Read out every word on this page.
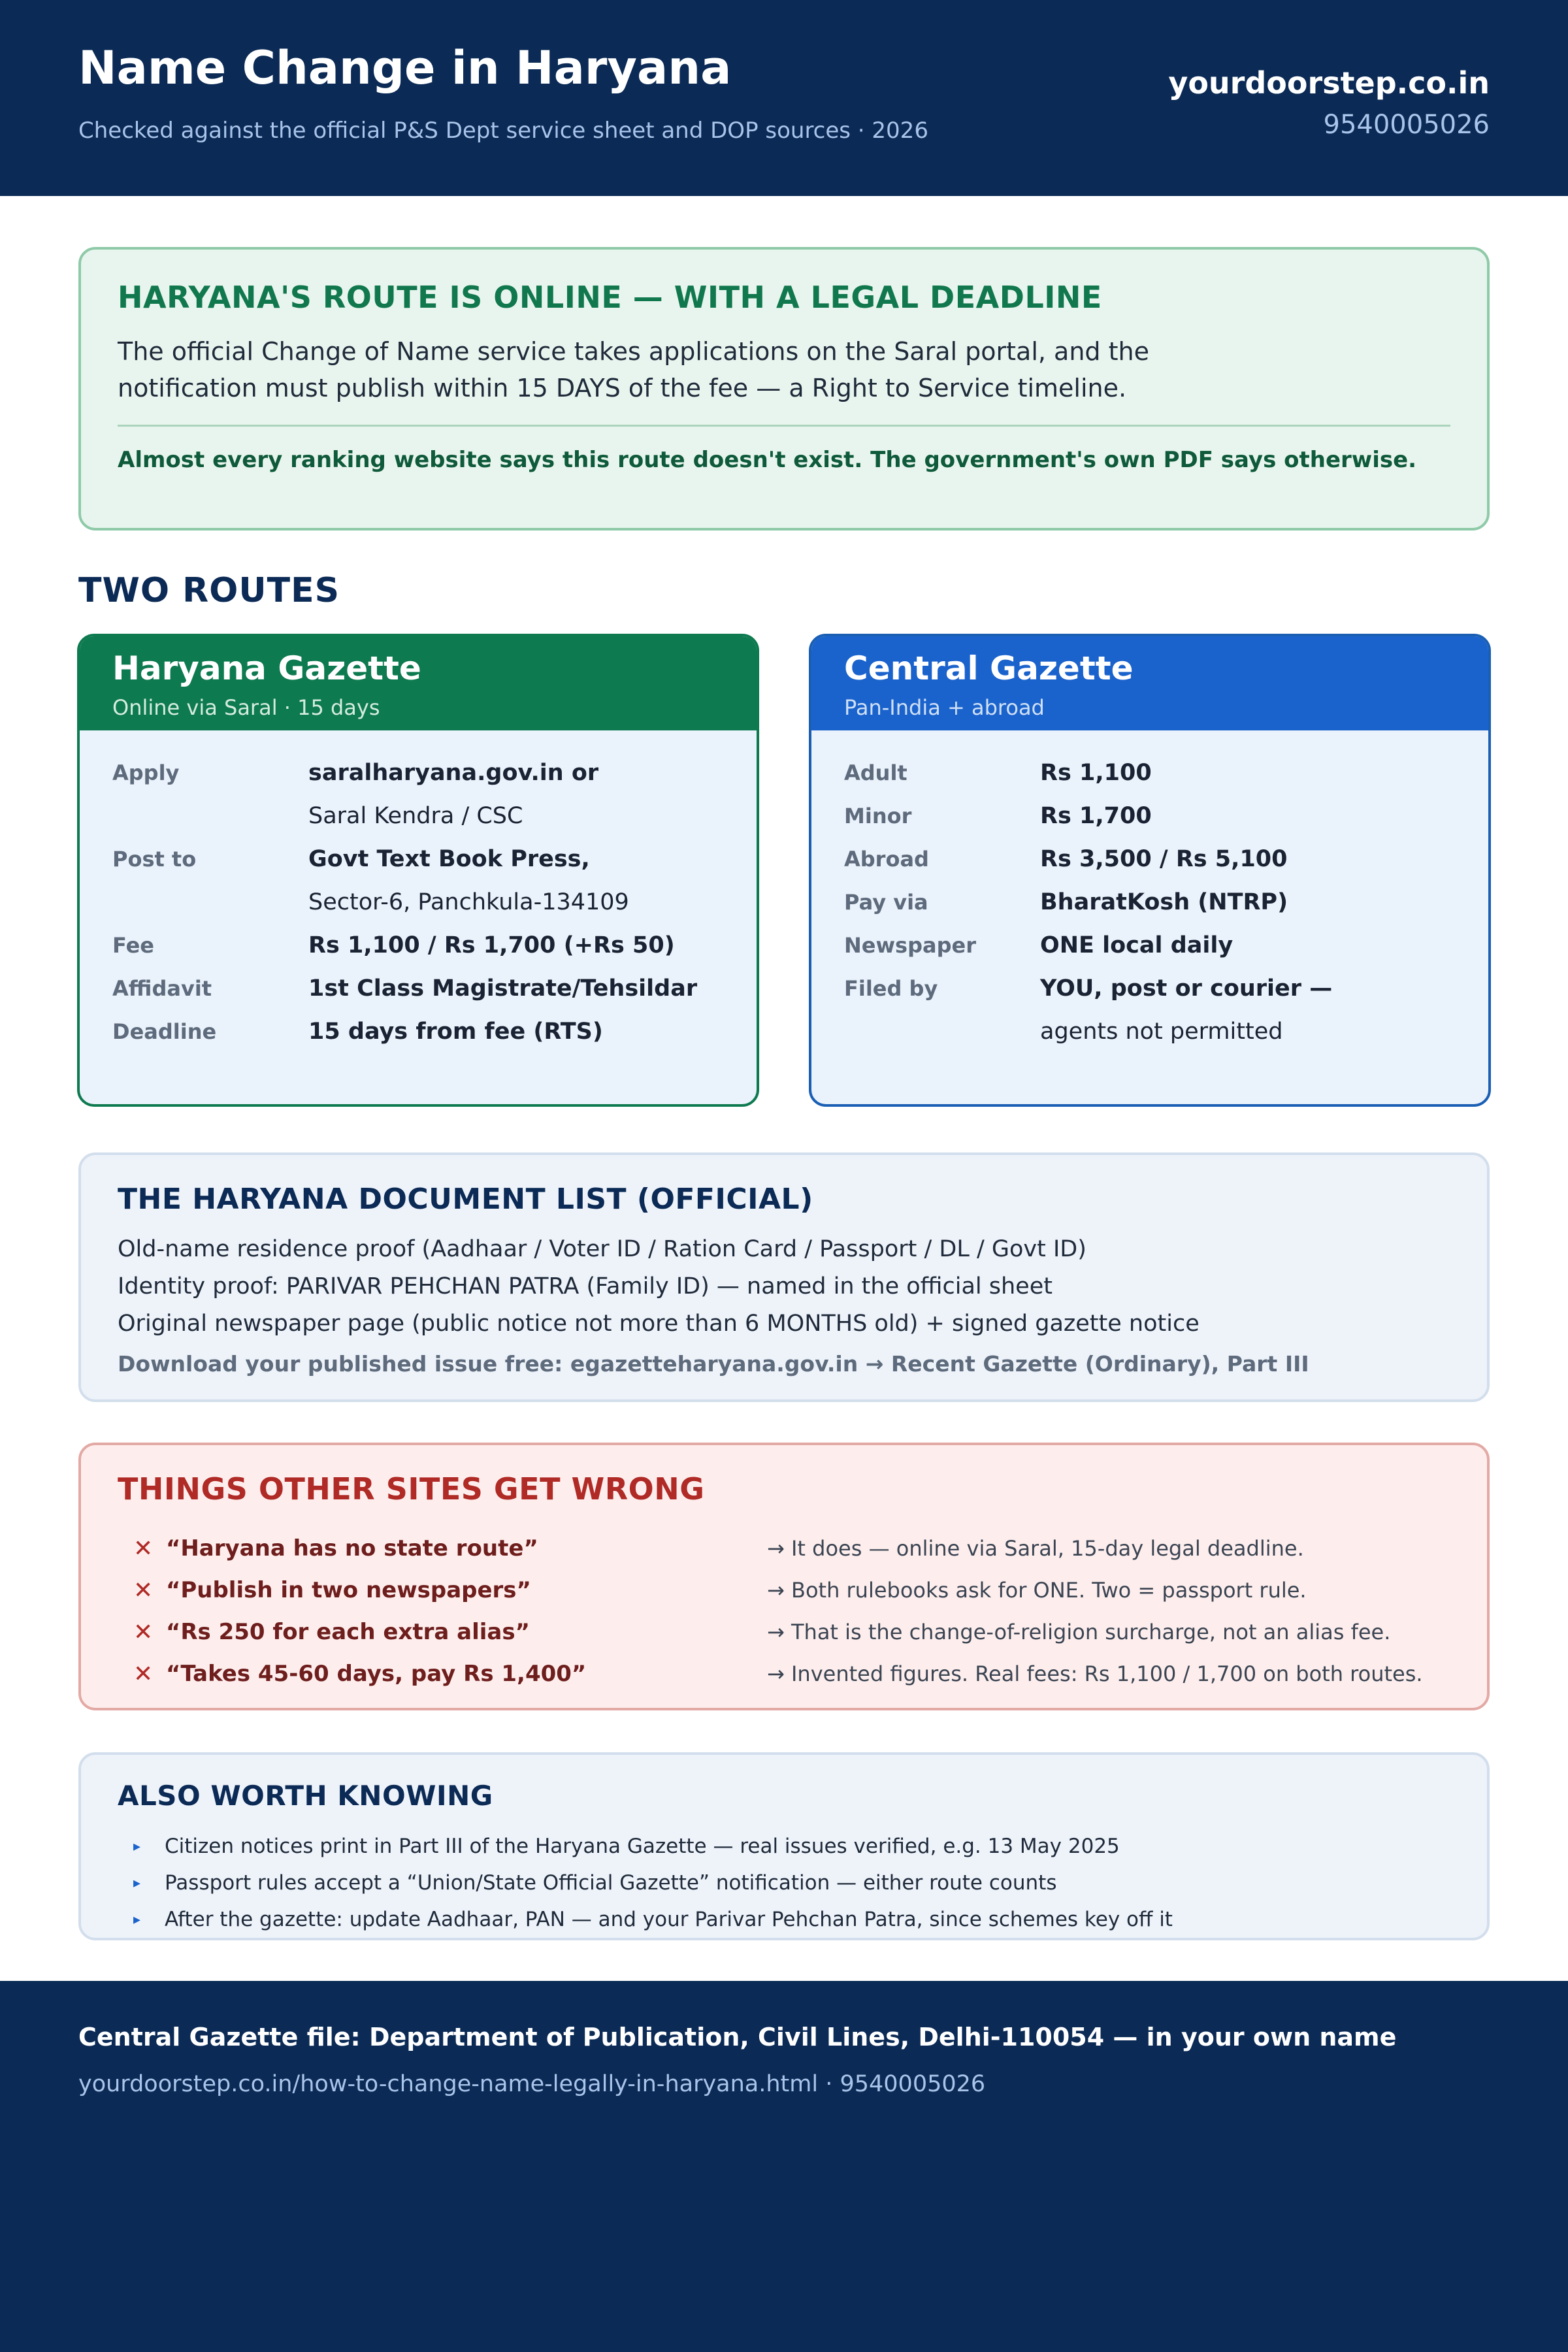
Name Change in Haryana
Checked against the official P&S Dept service sheet and DOP sources · 2026
yourdoorstep.co.in
9540005026
HARYANA'S ROUTE IS ONLINE — WITH A LEGAL DEADLINE
The official Change of Name service takes applications on the Saral portal, and the
notification must publish within 15 DAYS of the fee — a Right to Service timeline.
Almost every ranking website says this route doesn't exist. The government's own PDF says otherwise.
TWO ROUTES
Haryana Gazette
Online via Saral · 15 days
Apply	saralharyana.gov.in or
Saral Kendra / CSC
Post to	Govt Text Book Press,
Sector-6, Panchkula-134109
Fee	Rs 1,100 / Rs 1,700 (+Rs 50)
Affidavit	1st Class Magistrate/Tehsildar
Deadline	15 days from fee (RTS)
Central Gazette
Pan-India + abroad
Adult	Rs 1,100
Minor	Rs 1,700
Abroad	Rs 3,500 / Rs 5,100
Pay via	BharatKosh (NTRP)
Newspaper	ONE local daily
Filed by	YOU, post or courier —
agents not permitted
THE HARYANA DOCUMENT LIST (OFFICIAL)
Old-name residence proof (Aadhaar / Voter ID / Ration Card / Passport / DL / Govt ID)
Identity proof: PARIVAR PEHCHAN PATRA (Family ID) — named in the official sheet
Original newspaper page (public notice not more than 6 MONTHS old) + signed gazette notice
Download your published issue free: egazetteharyana.gov.in → Recent Gazette (Ordinary), Part III
THINGS OTHER SITES GET WRONG
✕ “Haryana has no state route”	→ It does — online via Saral, 15-day legal deadline.
✕ “Publish in two newspapers”	→ Both rulebooks ask for ONE. Two = passport rule.
✕ “Rs 250 for each extra alias”	→ That is the change-of-religion surcharge, not an alias fee.
✕ “Takes 45-60 days, pay Rs 1,400”	→ Invented figures. Real fees: Rs 1,100 / 1,700 on both routes.
ALSO WORTH KNOWING
▸	Citizen notices print in Part III of the Haryana Gazette — real issues verified, e.g. 13 May 2025
▸	Passport rules accept a “Union/State Official Gazette” notification — either route counts
▸	After the gazette: update Aadhaar, PAN — and your Parivar Pehchan Patra, since schemes key off it
Central Gazette file: Department of Publication, Civil Lines, Delhi-110054 — in your own name
yourdoorstep.co.in/how-to-change-name-legally-in-haryana.html · 9540005026
